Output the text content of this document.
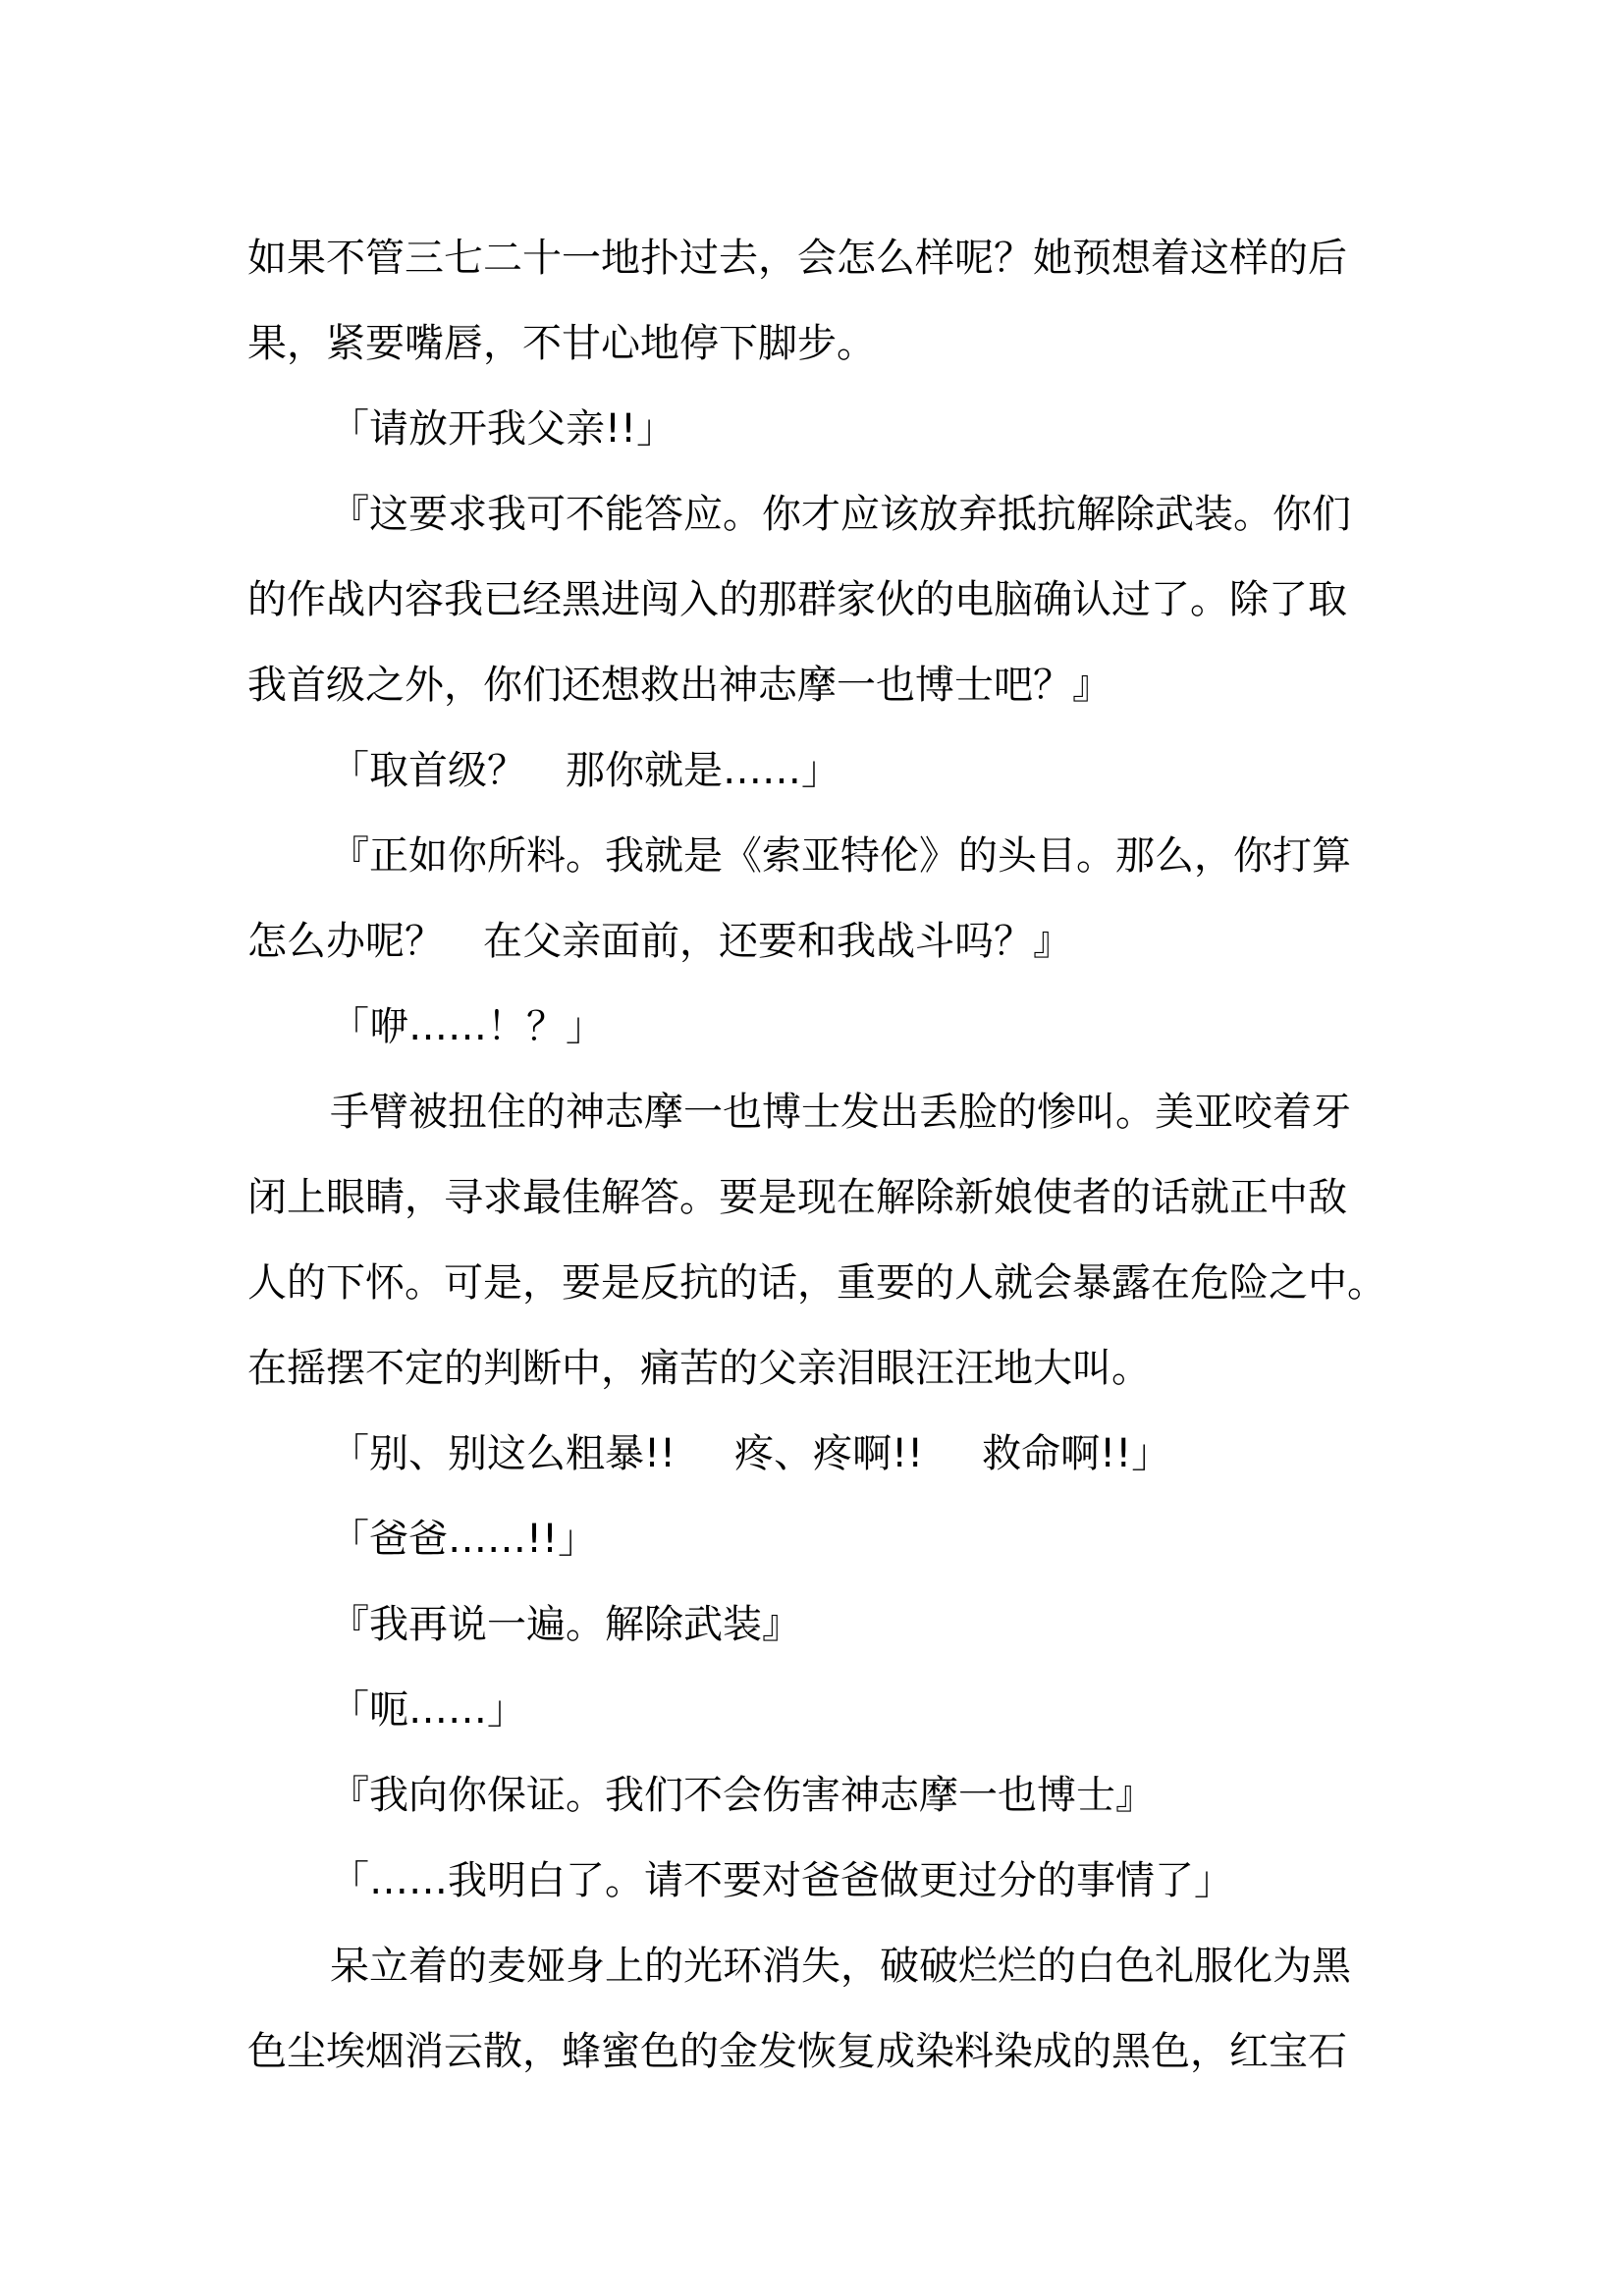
如果不管三七二十一地扑过去，会怎么样呢？她预想着这样的后
果，紧要嘴唇，不甘心地停下脚步。
「请放开我父亲!!」
『这要求我可不能答应。你才应该放弃抵抗解除武装。你们
的作战内容我已经黑进闯入的那群家伙的电脑确认过了。除了取
我首级之外，你们还想救出神志摩一也博士吧？』
「取首级？　那你就是……」
『正如你所料。我就是《索亚特伦》的头目。那么，你打算
怎么办呢？　在父亲面前，还要和我战斗吗？』
「咿……！？」
手臂被扭住的神志摩一也博士发出丢脸的惨叫。美亚咬着牙
闭上眼睛，寻求最佳解答。要是现在解除新娘使者的话就正中敌
人的下怀。可是，要是反抗的话，重要的人就会暴露在危险之中。
在摇摆不定的判断中，痛苦的父亲泪眼汪汪地大叫。
「别、别这么粗暴!! 疼、疼啊!! 救命啊!!」
「爸爸……!!」
『我再说一遍。解除武装』
「呃……」
『我向你保证。我们不会伤害神志摩一也博士』
「……我明白了。请不要对爸爸做更过分的事情了」
呆立着的麦娅身上的光环消失，破破烂烂的白色礼服化为黑
色尘埃烟消云散，蜂蜜色的金发恢复成染料染成的黑色，红宝石
